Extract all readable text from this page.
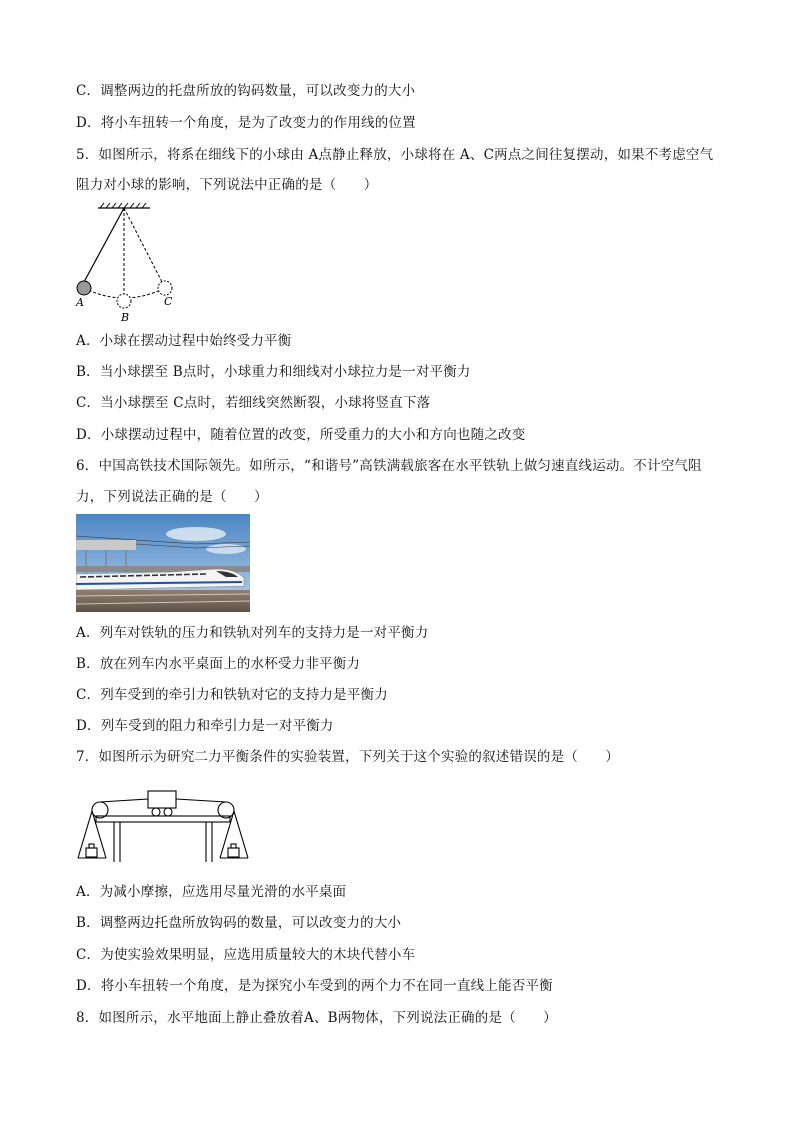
C．调整两边的托盘所放的钩码数量，可以改变力的大小
D．将小车扭转一个角度，是为了改变力的作用线的位置
5．如图所示，将系在细线下的小球由 A点静止释放，小球将在 A、C两点之间往复摆动，如果不考虑空气
阻力对小球的影响，下列说法中正确的是（　　）
A
B
C
A．小球在摆动过程中始终受力平衡
B．当小球摆至 B点时，小球重力和细线对小球拉力是一对平衡力
C．当小球摆至 C点时，若细线突然断裂，小球将竖直下落
D．小球摆动过程中，随着位置的改变，所受重力的大小和方向也随之改变
6．中国高铁技术国际领先。如所示，“和谐号”高铁满载旅客在水平铁轨上做匀速直线运动。不计空气阻
力，下列说法正确的是（　　）
A．列车对铁轨的压力和铁轨对列车的支持力是一对平衡力
B．放在列车内水平桌面上的水杯受力非平衡力
C．列车受到的牵引力和铁轨对它的支持力是平衡力
D．列车受到的阻力和牵引力是一对平衡力
7．如图所示为研究二力平衡条件的实验装置，下列关于这个实验的叙述错误的是（　　）
A．为减小摩擦，应选用尽量光滑的水平桌面
B．调整两边托盘所放钩码的数量，可以改变力的大小
C．为使实验效果明显，应选用质量较大的木块代替小车
D．将小车扭转一个角度，是为探究小车受到的两个力不在同一直线上能否平衡
8．如图所示，水平地面上静止叠放着A、B两物体，下列说法正确的是（　　）
